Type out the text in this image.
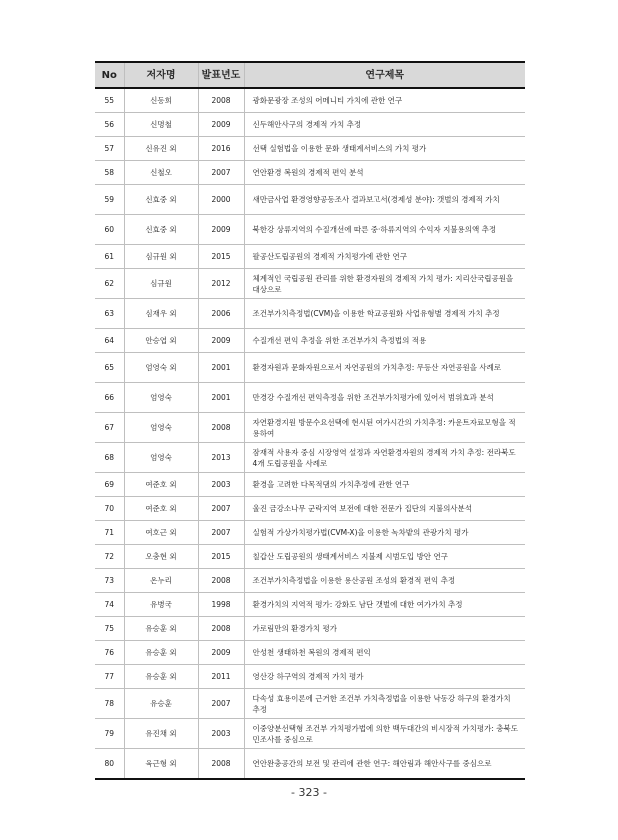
No	저자명	발표년도	연구제목
55	신동희	2008	광화문광장 조성의 어메니티 가치에 관한 연구
56	신명철	2009	신두해안사구의 경제적 가치 추정
57	신유진 외	2016	선택 실험법을 이용한 문화 생태계서비스의 가치 평가
58	신철오	2007	연안환경 복원의 경제적 편익 분석
59	신효중 외	2000	새만금사업 환경영향공동조사 결과보고서(경제성 분야): 갯벌의 경제적 가치
60	신효중 외	2009	북한강 상류지역의 수질개선에 따른 중·하류지역의 수익자 지불용의액 추정
61	심규원 외	2015	팔공산도립공원의 경제적 가치평가에 관한 연구
62	심규원	2012	체계적인 국립공원 관리를 위한 환경자원의 경제적 가치 평가: 지리산국립공원을 대상으로
63	심재우 외	2006	조건부가치측정법(CVM)을 이용한 학교공원화 사업유형별 경제적 가치 추정
64	안승엽 외	2009	수질개선 편익 추정을 위한 조건부가치 측정법의 적용
65	엄영숙 외	2001	환경자원과 문화자원으로서 자연공원의 가치추정: 무등산 자연공원을 사례로
66	엄영숙	2001	만경강 수질개선 편익측정을 위한 조건부가치평가에 있어서 범위효과 분석
67	엄영숙	2008	자연환경지원 방문수요선택에 현시된 여가시간의 가치추정: 카운트자료모형을 적용하여
68	엄영숙	2013	잠재적 사용자 중심 시장영역 설정과 자연환경자원의 경제적 가치 추정: 전라북도 4개 도립공원을 사례로
69	여준호 외	2003	환경을 고려한 다목적댐의 가치추정에 관한 연구
70	여준호 외	2007	울진 금강소나무 군락지역 보전에 대한 전문가 집단의 지불의사분석
71	여호근 외	2007	실험적 가상가치평가법(CVM-X)을 이용한 녹차밭의 관광가치 평가
72	오충현 외	2015	칠갑산 도립공원의 생태계서비스 지불제 시범도입 방안 연구
73	온누리	2008	조건부가치측정법을 이용한 용산공원 조성의 환경적 편익 추정
74	유병국	1998	환경가치의 지역적 평가: 강화도 남단 갯벌에 대한 여가가치 추정
75	유승훈 외	2008	가로림만의 환경가치 평가
76	유승훈 외	2009	안성천 생태하천 복원의 경제적 편익
77	유승훈 외	2011	영산강 하구역의 경제적 가치 평가
78	유승훈	2007	다속성 효용이론에 근거한 조건부 가치측정법을 이용한 낙동강 하구의 환경가치 추정
79	유진채 외	2003	이중양분선택형 조건부 가치평가법에 의한 백두대간의 비시장적 가치평가: 충북도민조사를 중심으로
80	육근형 외	2008	연안완충공간의 보전 및 관리에 관한 연구: 해안림과 해안사구를 중심으로
- 323 -
